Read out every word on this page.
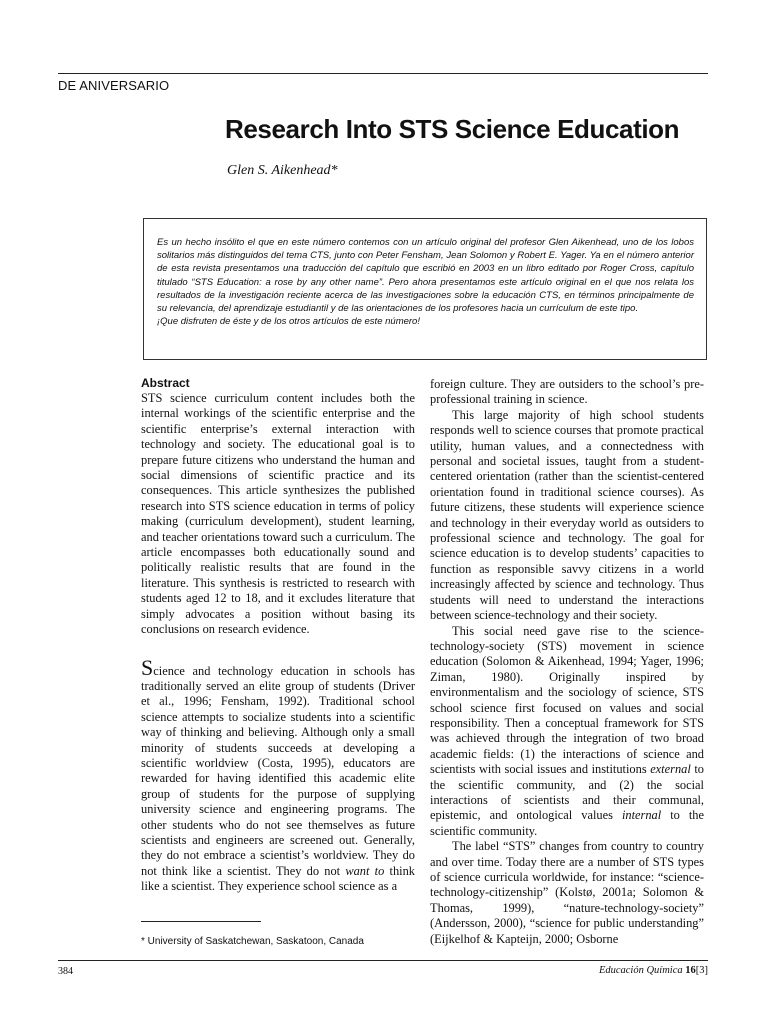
DE ANIVERSARIO
Research Into STS Science Education
Glen S. Aikenhead*

Es un hecho insólito el que en este número contemos con un artículo original del profesor Glen Aikenhead, uno de los lobos solitarios más distinguidos del tema CTS, junto con Peter Fensham, Jean Solomon y Robert E. Yager. Ya en el número anterior de esta revista presentamos una traducción del capítulo que escribió en 2003 en un libro editado por Roger Cross, capítulo titulado “STS Education: a rose by any other name”. Pero ahora presentamos este artículo original en el que nos relata los resultados de la investigación reciente acerca de las investigaciones sobre la educación CTS, en términos principalmente de su relevancia, del aprendizaje estudiantil y de las orientaciones de los profesores hacia un currículum de este tipo.

¡Que disfruten de éste y de los otros artículos de este número!

Abstract

STS science curriculum content includes both the internal workings of the scientific enterprise and the scientific enterprise’s external interaction with technology and society. The educational goal is to prepare future citizens who understand the human and social dimensions of scientific practice and its consequences. This article synthesizes the published research into STS science education in terms of policy making (curriculum development), student learning, and teacher orientations toward such a curriculum. The article encompasses both educationally sound and politically realistic results that are found in the literature. This synthesis is restricted to research with students aged 12 to 18, and it excludes literature that simply advocates a position without basing its conclusions on research evidence.

Science and technology education in schools has traditionally served an elite group of students (Driver et al., 1996; Fensham, 1992). Traditional school science attempts to socialize students into a scientific way of thinking and believing. Although only a small minority of students succeeds at developing a scientific worldview (Costa, 1995), educators are rewarded for having identified this academic elite group of students for the purpose of supplying university science and engineering programs. The other students who do not see themselves as future scientists and engineers are screened out. Generally, they do not embrace a scientist’s worldview. They do not think like a scientist. They do not want to think like a scientist. They experience school science as a

foreign culture. They are outsiders to the school’s pre-professional training in science.

This large majority of high school students responds well to science courses that promote practical utility, human values, and a connectedness with personal and societal issues, taught from a student-centered orientation (rather than the scientist-centered orientation found in traditional science courses). As future citizens, these students will experience science and technology in their everyday world as outsiders to professional science and technology. The goal for science education is to develop students’ capacities to function as responsible savvy citizens in a world increasingly affected by science and technology. Thus students will need to understand the interactions between science-technology and their society.

This social need gave rise to the science-technology-society (STS) movement in science education (Solomon & Aikenhead, 1994; Yager, 1996; Ziman, 1980). Originally inspired by environmentalism and the sociology of science, STS school science first focused on values and social responsibility. Then a conceptual framework for STS was achieved through the integration of two broad academic fields: (1) the interactions of science and scientists with social issues and institutions external to the scientific community, and (2) the social interactions of scientists and their communal, epistemic, and ontological values internal to the scientific community.

The label “STS” changes from country to country and over time. Today there are a number of STS types of science curricula worldwide, for instance: “science-technology-citizenship” (Kolstø, 2001a; Solomon & Thomas, 1999), “nature-technology-society” (Andersson, 2000), “science for public understanding” (Eijkelhof & Kapteijn, 2000; Osborne

* University of Saskatchewan, Saskatoon, Canada
384	Educación Química 16[3]
